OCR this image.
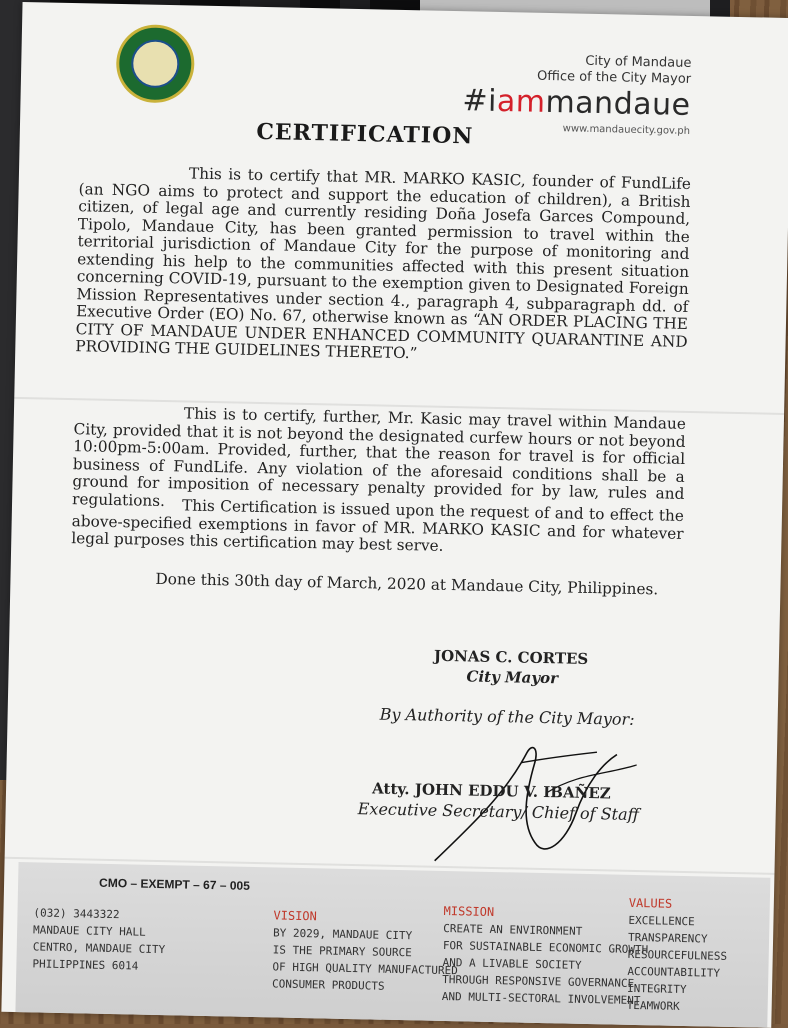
City of Mandaue
Office of the City Mayor
#iammandaue
www.mandauecity.gov.ph
CERTIFICATION
This is to certify that MR. MARKO KASIC, founder of FundLife (an NGO aims to protect and support the education of children), a British citizen, of legal age and currently residing Doña Josefa Garces Compound, Tipolo, Mandaue City, has been granted permission to travel within the territorial jurisdiction of Mandaue City for the purpose of monitoring and extending his help to the communities affected with this present situation concerning COVID-19, pursuant to the exemption given to Designated Foreign Mission Representatives under section 4., paragraph 4, subparagraph dd. of Executive Order (EO) No. 67, otherwise known as “AN ORDER PLACING THE CITY OF MANDAUE UNDER ENHANCED COMMUNITY QUARANTINE AND PROVIDING THE GUIDELINES THERETO.”
This is to certify, further, Mr. Kasic may travel within Mandaue City, provided that it is not beyond the designated curfew hours or not beyond 10:00pm-5:00am. Provided, further, that the reason for travel is for official business of FundLife. Any violation of the aforesaid conditions shall be a ground for imposition of necessary penalty provided for by law, rules and regulations.	This Certification is issued upon the request of and to effect the above-specified exemptions in favor of MR. MARKO KASIC and for whatever legal purposes this certification may best serve.
Done this 30th day of March, 2020 at Mandaue City, Philippines.
JONAS C. CORTES
City Mayor
By Authority of the City Mayor:
Atty. JOHN EDDU V. IBAÑEZ
Executive Secretary/ Chief of Staff
CMO – EXEMPT – 67 – 005
(032) 3443322
MANDAUE CITY HALL
CENTRO, MANDAUE CITY
PHILIPPINES 6014
VISION
BY 2029, MANDAUE CITY
IS THE PRIMARY SOURCE
OF HIGH QUALITY MANUFACTURED
CONSUMER PRODUCTS
MISSION
CREATE AN ENVIRONMENT
FOR SUSTAINABLE ECONOMIC GROWTH
AND A LIVABLE SOCIETY
THROUGH RESPONSIVE GOVERNANCE
AND MULTI-SECTORAL INVOLVEMENT
VALUES
EXCELLENCE
TRANSPARENCY
RESOURCEFULNESS
ACCOUNTABILITY
INTEGRITY
TEAMWORK
